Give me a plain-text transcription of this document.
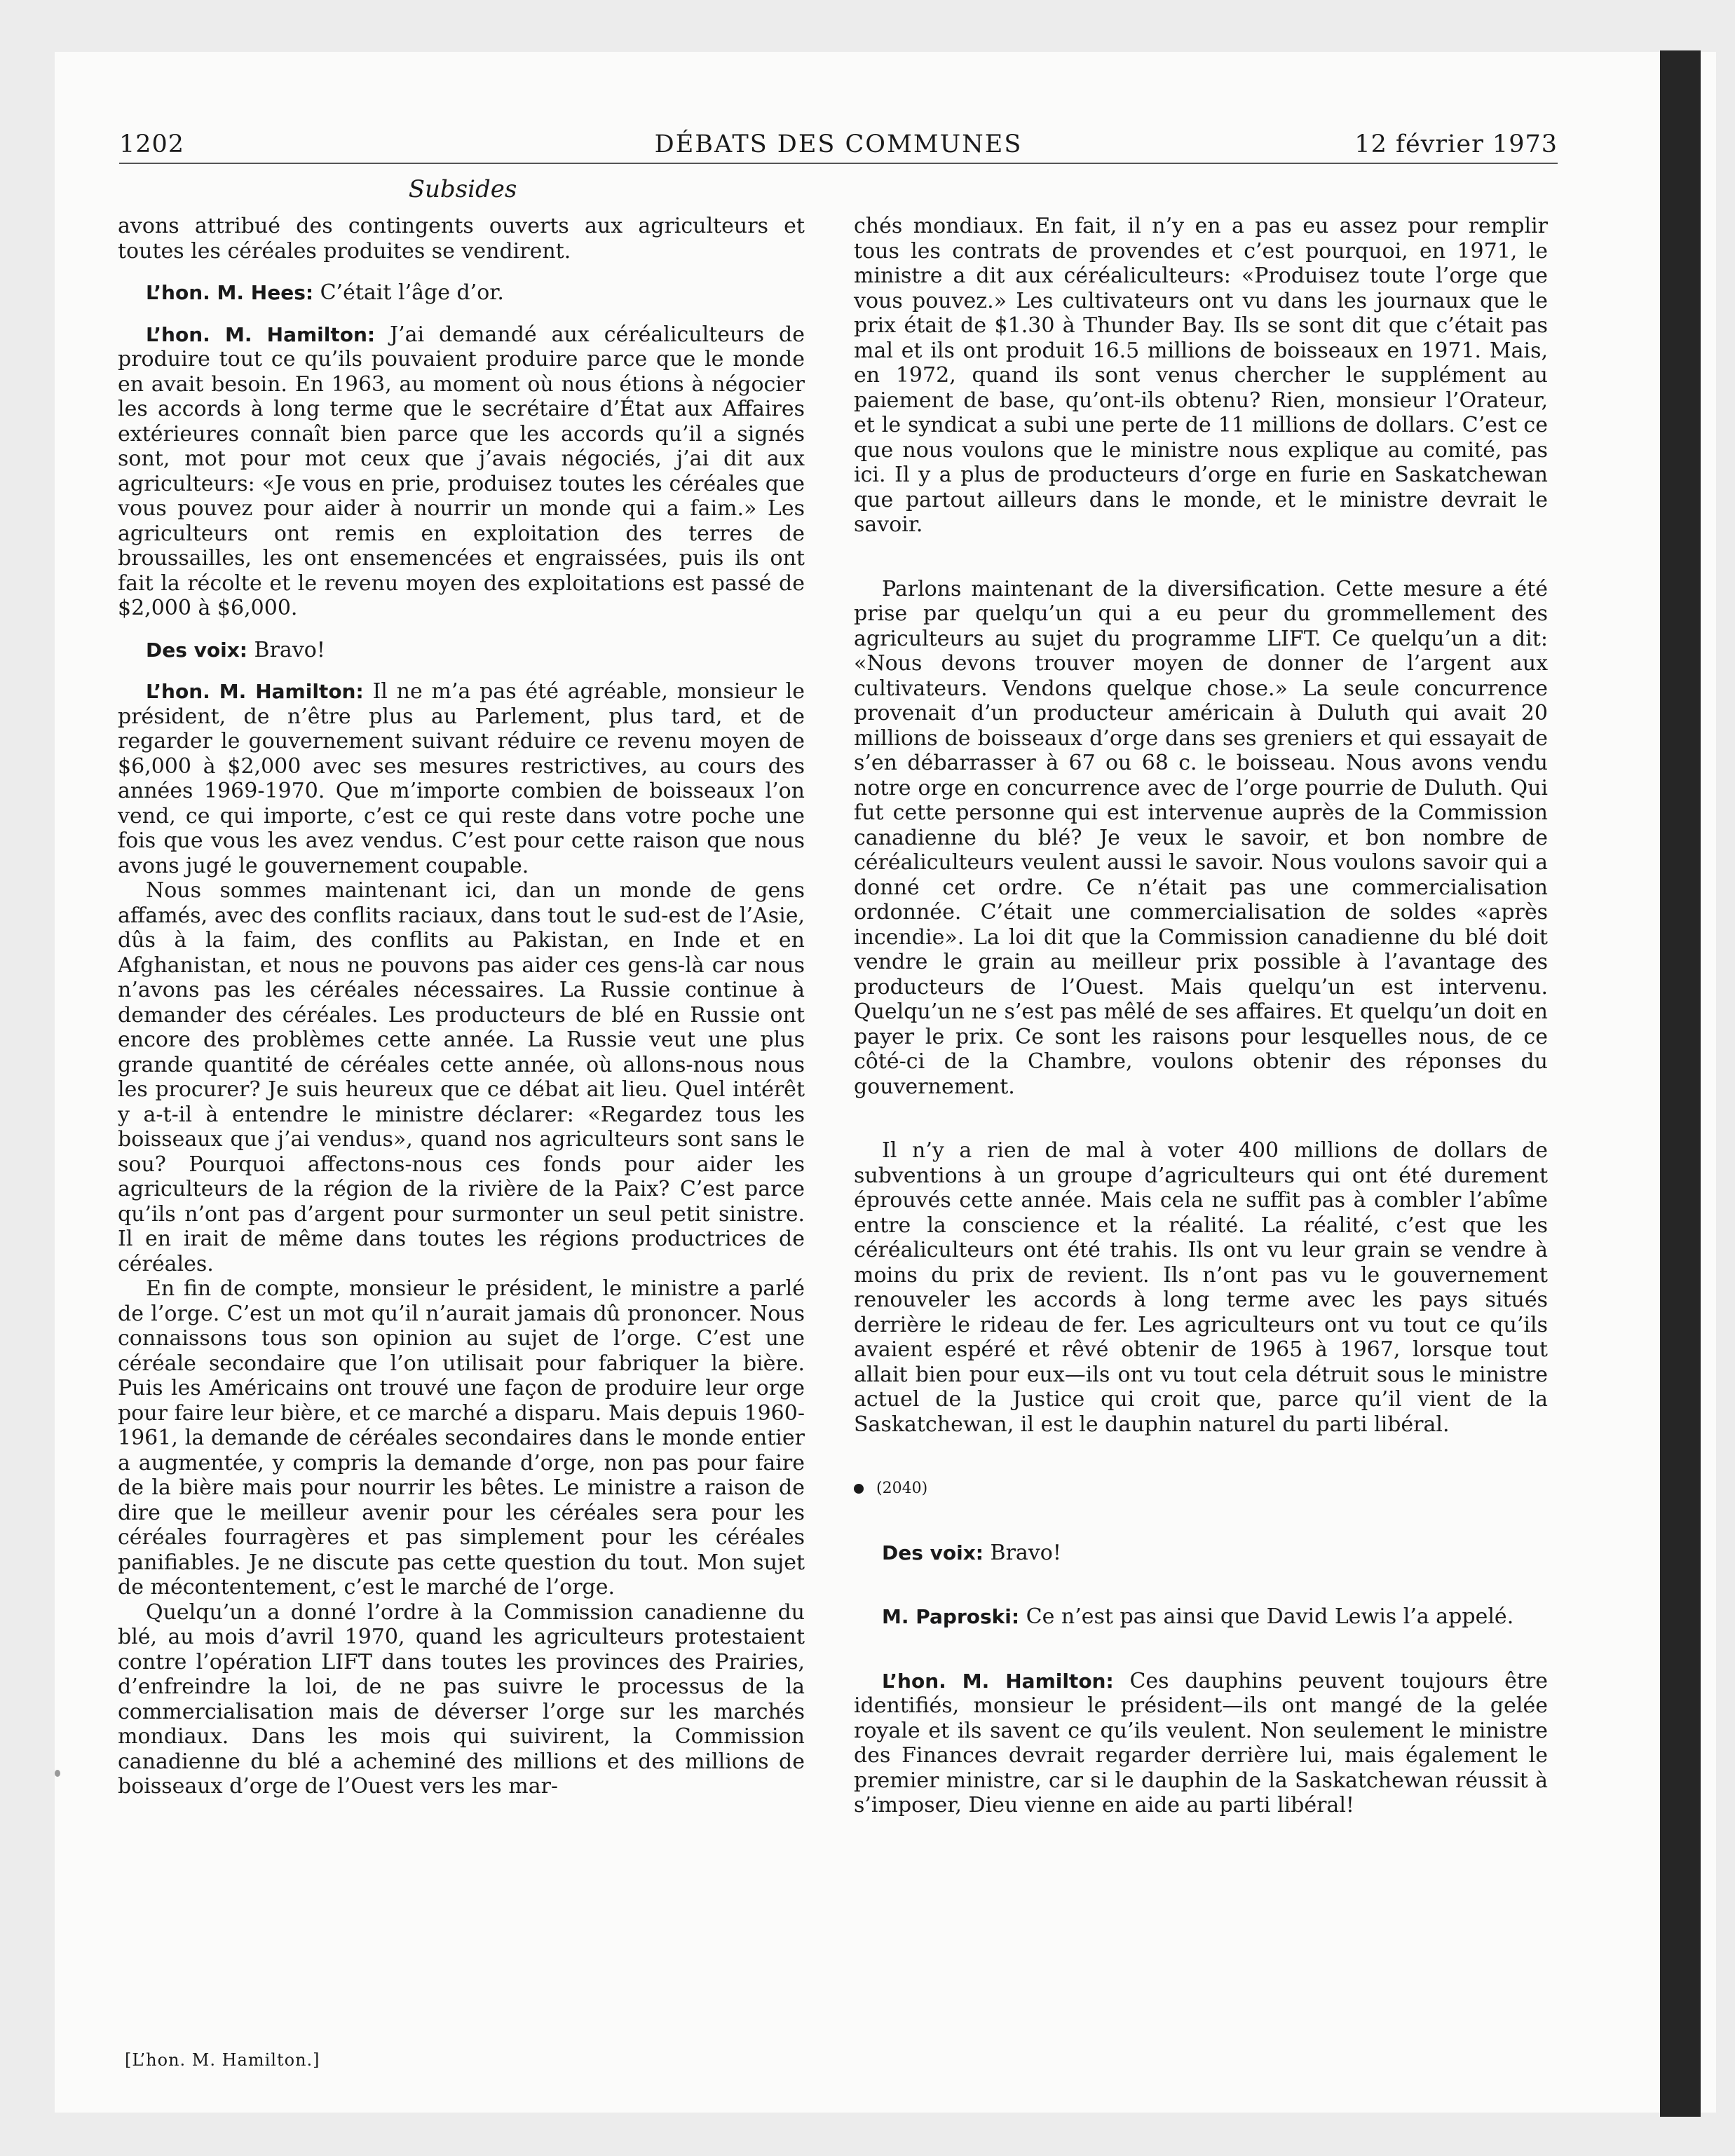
1202	DÉBATS DES COMMUNES	12 février 1973
Subsides

avons attribué des contingents ouverts aux agriculteurs et toutes les céréales produites se vendirent.

L’hon. M. Hees: C’était l’âge d’or.

L’hon. M. Hamilton: J’ai demandé aux céréaliculteurs de produire tout ce qu’ils pouvaient produire parce que le monde en avait besoin. En 1963, au moment où nous étions à négocier les accords à long terme que le secrétaire d’État aux Affaires extérieures connaît bien parce que les accords qu’il a signés sont, mot pour mot ceux que j’avais négociés, j’ai dit aux agriculteurs: «Je vous en prie, produisez toutes les céréales que vous pouvez pour aider à nourrir un monde qui a faim.» Les agriculteurs ont remis en exploitation des terres de broussailles, les ont ensemencées et engraissées, puis ils ont fait la récolte et le revenu moyen des exploitations est passé de $2,000 à $6,000.

Des voix: Bravo!

L’hon. M. Hamilton: Il ne m’a pas été agréable, monsieur le président, de n’être plus au Parlement, plus tard, et de regarder le gouvernement suivant réduire ce revenu moyen de $6,000 à $2,000 avec ses mesures restrictives, au cours des années 1969-1970. Que m’importe combien de boisseaux l’on vend, ce qui importe, c’est ce qui reste dans votre poche une fois que vous les avez vendus. C’est pour cette raison que nous avons jugé le gouvernement coupable.

Nous sommes maintenant ici, dan un monde de gens affamés, avec des conflits raciaux, dans tout le sud-est de l’Asie, dûs à la faim, des conflits au Pakistan, en Inde et en Afghanistan, et nous ne pouvons pas aider ces gens-là car nous n’avons pas les céréales nécessaires. La Russie continue à demander des céréales. Les producteurs de blé en Russie ont encore des problèmes cette année. La Russie veut une plus grande quantité de céréales cette année, où allons-nous nous les procurer? Je suis heureux que ce débat ait lieu. Quel intérêt y a-t-il à entendre le ministre déclarer: «Regardez tous les boisseaux que j’ai vendus», quand nos agriculteurs sont sans le sou? Pourquoi affectons-nous ces fonds pour aider les agriculteurs de la région de la rivière de la Paix? C’est parce qu’ils n’ont pas d’argent pour surmonter un seul petit sinistre. Il en irait de même dans toutes les régions productrices de céréales.

En fin de compte, monsieur le président, le ministre a parlé de l’orge. C’est un mot qu’il n’aurait jamais dû prononcer. Nous connaissons tous son opinion au sujet de l’orge. C’est une céréale secondaire que l’on utilisait pour fabriquer la bière. Puis les Américains ont trouvé une façon de produire leur orge pour faire leur bière, et ce marché a disparu. Mais depuis 1960-1961, la demande de céréales secondaires dans le monde entier a augmentée, y compris la demande d’orge, non pas pour faire de la bière mais pour nourrir les bêtes. Le ministre a raison de dire que le meilleur avenir pour les céréales sera pour les céréales fourragères et pas simplement pour les céréales panifiables. Je ne discute pas cette question du tout. Mon sujet de mécontentement, c’est le marché de l’orge.

Quelqu’un a donné l’ordre à la Commission canadienne du blé, au mois d’avril 1970, quand les agriculteurs protestaient contre l’opération LIFT dans toutes les provinces des Prairies, d’enfreindre la loi, de ne pas suivre le processus de la commercialisation mais de déverser l’orge sur les marchés mondiaux. Dans les mois qui suivirent, la Commission canadienne du blé a acheminé des millions et des millions de boisseaux d’orge de l’Ouest vers les mar-

[L’hon. M. Hamilton.]

chés mondiaux. En fait, il n’y en a pas eu assez pour remplir tous les contrats de provendes et c’est pourquoi, en 1971, le ministre a dit aux céréaliculteurs: «Produisez toute l’orge que vous pouvez.» Les cultivateurs ont vu dans les journaux que le prix était de $1.30 à Thunder Bay. Ils se sont dit que c’était pas mal et ils ont produit 16.5 millions de boisseaux en 1971. Mais, en 1972, quand ils sont venus chercher le supplément au paiement de base, qu’ont-ils obtenu? Rien, monsieur l’Orateur, et le syndicat a subi une perte de 11 millions de dollars. C’est ce que nous voulons que le ministre nous explique au comité, pas ici. Il y a plus de producteurs d’orge en furie en Saskatchewan que partout ailleurs dans le monde, et le ministre devrait le savoir.

Parlons maintenant de la diversification. Cette mesure a été prise par quelqu’un qui a eu peur du grommellement des agriculteurs au sujet du programme LIFT. Ce quelqu’un a dit: «Nous devons trouver moyen de donner de l’argent aux cultivateurs. Vendons quelque chose.» La seule concurrence provenait d’un producteur américain à Duluth qui avait 20 millions de boisseaux d’orge dans ses greniers et qui essayait de s’en débarrasser à 67 ou 68 c. le boisseau. Nous avons vendu notre orge en concurrence avec de l’orge pourrie de Duluth. Qui fut cette personne qui est intervenue auprès de la Commission canadienne du blé? Je veux le savoir, et bon nombre de céréaliculteurs veulent aussi le savoir. Nous voulons savoir qui a donné cet ordre. Ce n’était pas une commercialisation ordonnée. C’était une commercialisation de soldes «après incendie». La loi dit que la Commission canadienne du blé doit vendre le grain au meilleur prix possible à l’avantage des producteurs de l’Ouest. Mais quelqu’un est intervenu. Quelqu’un ne s’est pas mêlé de ses affaires. Et quelqu’un doit en payer le prix. Ce sont les raisons pour lesquelles nous, de ce côté-ci de la Chambre, voulons obtenir des réponses du gouvernement.

Il n’y a rien de mal à voter 400 millions de dollars de subventions à un groupe d’agriculteurs qui ont été durement éprouvés cette année. Mais cela ne suffit pas à combler l’abîme entre la conscience et la réalité. La réalité, c’est que les céréaliculteurs ont été trahis. Ils ont vu leur grain se vendre à moins du prix de revient. Ils n’ont pas vu le gouvernement renouveler les accords à long terme avec les pays situés derrière le rideau de fer. Les agriculteurs ont vu tout ce qu’ils avaient espéré et rêvé obtenir de 1965 à 1967, lorsque tout allait bien pour eux—ils ont vu tout cela détruit sous le ministre actuel de la Justice qui croit que, parce qu’il vient de la Saskatchewan, il est le dauphin naturel du parti libéral.

(2040)

Des voix: Bravo!

M. Paproski: Ce n’est pas ainsi que David Lewis l’a appelé.

L’hon. M. Hamilton: Ces dauphins peuvent toujours être identifiés, monsieur le président—ils ont mangé de la gelée royale et ils savent ce qu’ils veulent. Non seulement le ministre des Finances devrait regarder derrière lui, mais également le premier ministre, car si le dauphin de la Saskatchewan réussit à s’imposer, Dieu vienne en aide au parti libéral!
